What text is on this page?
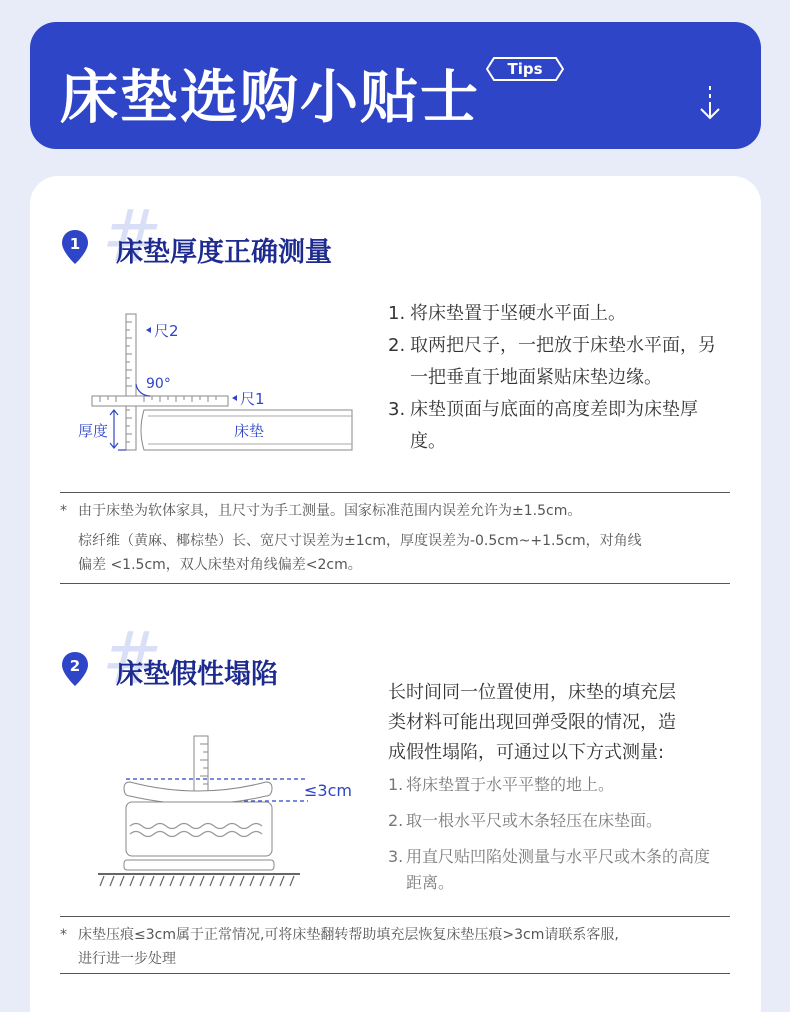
床垫选购小贴士 Tips
#
1 床垫厚度正确测量
尺2
90°
尺1
厚度	床垫
1. 将床垫置于坚硬水平面上。
2. 取两把尺子，一把放于床垫水平面，另一把垂直于地面紧贴床垫边缘。
3. 床垫顶面与底面的高度差即为床垫厚度。
* 由于床垫为软体家具，且尺寸为手工测量。国家标准范围内误差允许为±1.5cm。
棕纤维（黄麻、椰棕垫）长、宽尺寸误差为±1cm，厚度误差为-0.5cm~+1.5cm，对角线
偏差 <1.5cm，双人床垫对角线偏差<2cm。
#
2 床垫假性塌陷
≤3cm
长时间同一位置使用，床垫的填充层
类材料可能出现回弹受限的情况，造
成假性塌陷，可通过以下方式测量:
1. 将床垫置于水平平整的地上。
2. 取一根水平尺或木条轻压在床垫面。
3. 用直尺贴凹陷处测量与水平尺或木条的高度距离。
* 床垫压痕≤3cm属于正常情况,可将床垫翻转帮助填充层恢复床垫压痕>3cm请联系客服,
进行进一步处理
